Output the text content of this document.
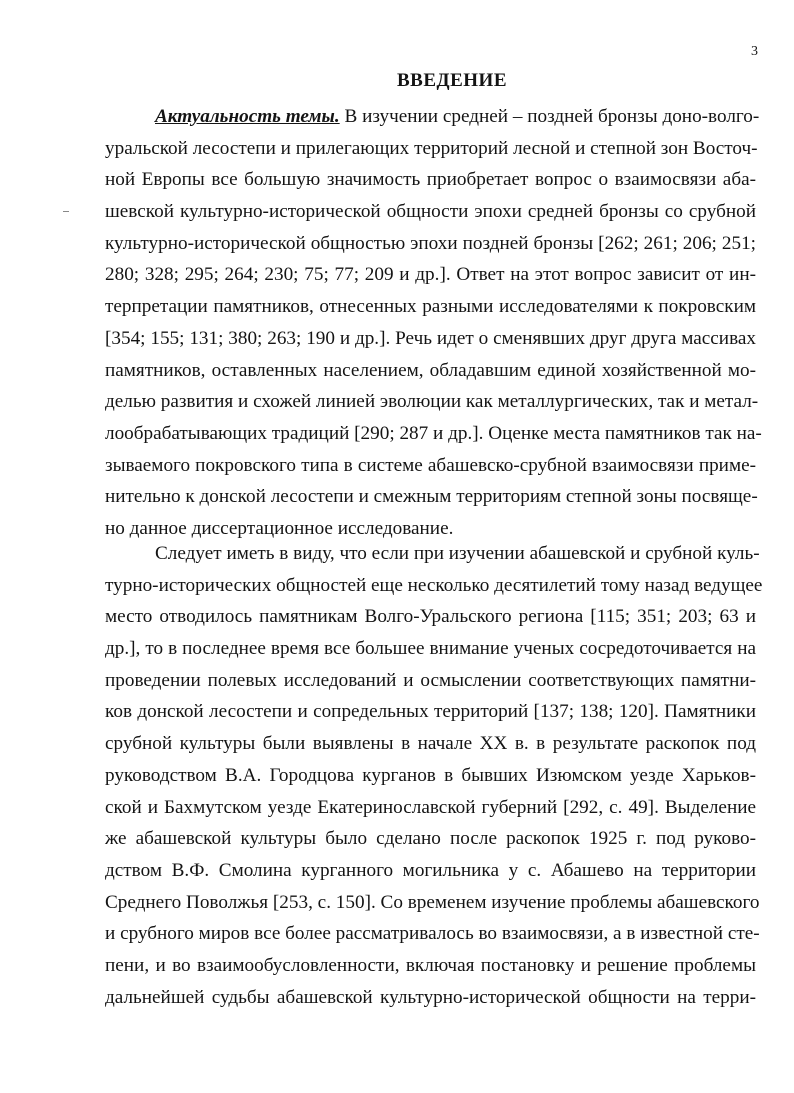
3
ВВЕДЕНИЕ
Актуальность темы. В изучении средней – поздней бронзы доно-волго-
уральской лесостепи и прилегающих территорий лесной и степной зон Восточ-
ной Европы все большую значимость приобретает вопрос о взаимосвязи аба-
шевской культурно-исторической общности эпохи средней бронзы со срубной
культурно-исторической общностью эпохи поздней бронзы [262; 261; 206; 251;
280; 328; 295; 264; 230; 75; 77; 209 и др.]. Ответ на этот вопрос зависит от ин-
терпретации памятников, отнесенных разными исследователями к покровским
[354; 155; 131; 380; 263; 190 и др.]. Речь идет о сменявших друг друга массивах
памятников, оставленных населением, обладавшим единой хозяйственной мо-
делью развития и схожей линией эволюции как металлургических, так и метал-
лообрабатывающих традиций [290; 287 и др.]. Оценке места памятников так на-
зываемого покровского типа в системе абашевско-срубной взаимосвязи приме-
нительно к донской лесостепи и смежным территориям степной зоны посвяще-
но данное диссертационное исследование.
Следует иметь в виду, что если при изучении абашевской и срубной куль-
турно-исторических общностей еще несколько десятилетий тому назад ведущее
место отводилось памятникам Волго-Уральского региона [115; 351; 203; 63 и
др.], то в последнее время все большее внимание ученых сосредоточивается на
проведении полевых исследований и осмыслении соответствующих памятни-
ков донской лесостепи и сопредельных территорий [137; 138; 120]. Памятники
срубной культуры были выявлены в начале XX в. в результате раскопок под
руководством В.А. Городцова курганов в бывших Изюмском уезде Харьков-
ской и Бахмутском уезде Екатеринославской губерний [292, с. 49]. Выделение
же абашевской культуры было сделано после раскопок 1925 г. под руково-
дством В.Ф. Смолина курганного могильника у с. Абашево на территории
Среднего Поволжья [253, с. 150]. Со временем изучение проблемы абашевского
и срубного миров все более рассматривалось во взаимосвязи, а в известной сте-
пени, и во взаимообусловленности, включая постановку и решение проблемы
дальнейшей судьбы абашевской культурно-исторической общности на терри-
